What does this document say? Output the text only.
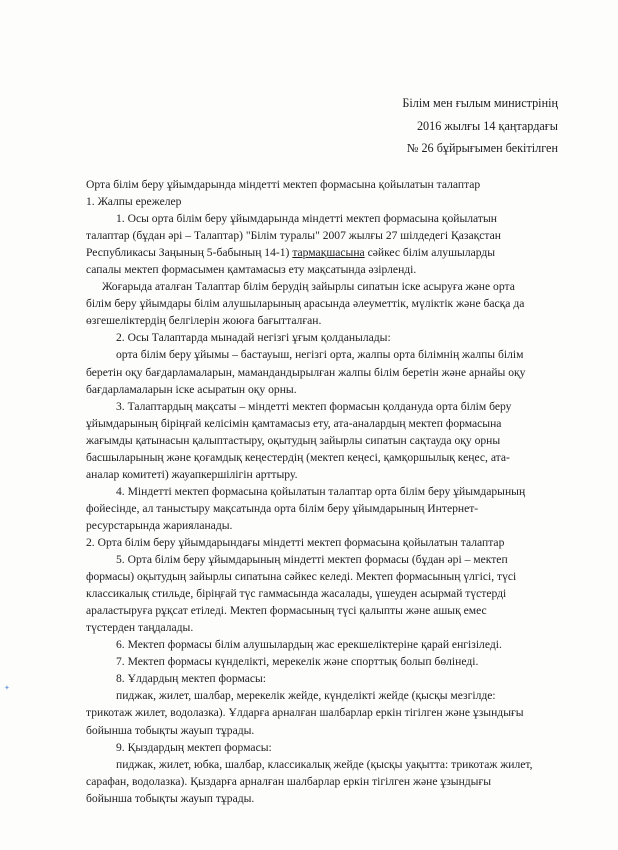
Білім мен ғылым министрінің
2016 жылғы 14 қаңтардағы
№ 26 бұйрығымен бекітілген
Орта білім беру ұйымдарында міндетті мектеп формасына қойылатын талаптар
1. Жалпы ережелер
1. Осы орта білім беру ұйымдарында міндетті мектеп формасына қойылатын
талаптар (бұдан әрі – Талаптар) "Білім туралы" 2007 жылғы 27 шілдедегі Қазақстан
Республикасы Заңының 5-бабының 14-1) тармақшасына сәйкес білім алушыларды
сапалы мектеп формасымен қамтамасыз ету мақсатында әзірленді.
Жоғарыда аталған Талаптар білім берудің зайырлы сипатын іске асыруға және орта
білім беру ұйымдары білім алушыларының арасында әлеуметтік, мүліктік және басқа да
өзгешеліктердің белгілерін жоюға бағытталған.
2. Осы Талаптарда мынадай негізгі ұғым қолданылады:
орта білім беру ұйымы – бастауыш, негізгі орта, жалпы орта білімнің жалпы білім
беретін оқу бағдарламаларын, мамандандырылған жалпы білім беретін және арнайы оқу
бағдарламаларын іске асыратын оқу орны.
3. Талаптардың мақсаты – міндетті мектеп формасын қолдануда орта білім беру
ұйымдарының біріңғай келісімін қамтамасыз ету, ата-аналардың мектеп формасына
жағымды қатынасын қалыптастыру, оқытудың зайырлы сипатын сақтауда оқу орны
басшыларының және қоғамдық кеңестердің (мектеп кеңесі, қамқоршылық кеңес, ата-
аналар комитеті) жауапкершілігін арттыру.
4. Міндетті мектеп формасына қойылатын талаптар орта білім беру ұйымдарының
фойесінде, ал таныстыру мақсатында орта білім беру ұйымдарының Интернет-
ресурстарында жарияланады.
2. Орта білім беру ұйымдарындағы міндетті мектеп формасына қойылатын талаптар
5. Орта білім беру ұйымдарының міндетті мектеп формасы (бұдан әрі – мектеп
формасы) оқытудың зайырлы сипатына сәйкес келеді. Мектеп формасының үлгісі, түсі
классикалық стильде, біріңғай түс гаммасында жасалады, үшеуден асырмай түстерді
араластыруға рұқсат етіледі. Мектеп формасының түсі қалыпты және ашық емес
түстерден таңдалады.
6. Мектеп формасы білім алушылардың жас ерекшеліктеріне қарай енгізіледі.
7. Мектеп формасы күнделікті, мерекелік және спорттық болып бөлінеді.
8. Ұлдардың мектеп формасы:
пиджак, жилет, шалбар, мерекелік жейде, күнделікті жейде (қысқы мезгілде:
трикотаж жилет, водолазка). Ұлдарға арналған шалбарлар еркін тігілген және ұзындығы
бойынша тобықты жауып тұрады.
9. Қыздардың мектеп формасы:
пиджак, жилет, юбка, шалбар, классикалық жейде (қысқы уақытта: трикотаж жилет,
сарафан, водолазка). Қыздарға арналған шалбарлар еркін тігілген және ұзындығы
бойынша тобықты жауып тұрады.
✦
